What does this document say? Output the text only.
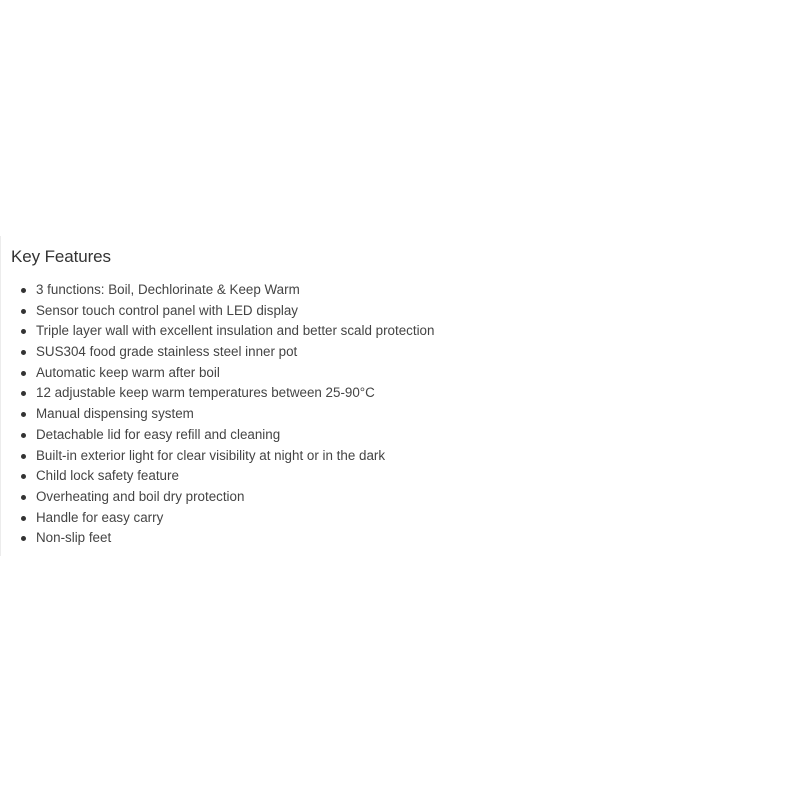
Key Features
3 functions: Boil, Dechlorinate & Keep Warm
Sensor touch control panel with LED display
Triple layer wall with excellent insulation and better scald protection
SUS304 food grade stainless steel inner pot
Automatic keep warm after boil
12 adjustable keep warm temperatures between 25-90°C
Manual dispensing system
Detachable lid for easy refill and cleaning
Built-in exterior light for clear visibility at night or in the dark
Child lock safety feature
Overheating and boil dry protection
Handle for easy carry
Non-slip feet
